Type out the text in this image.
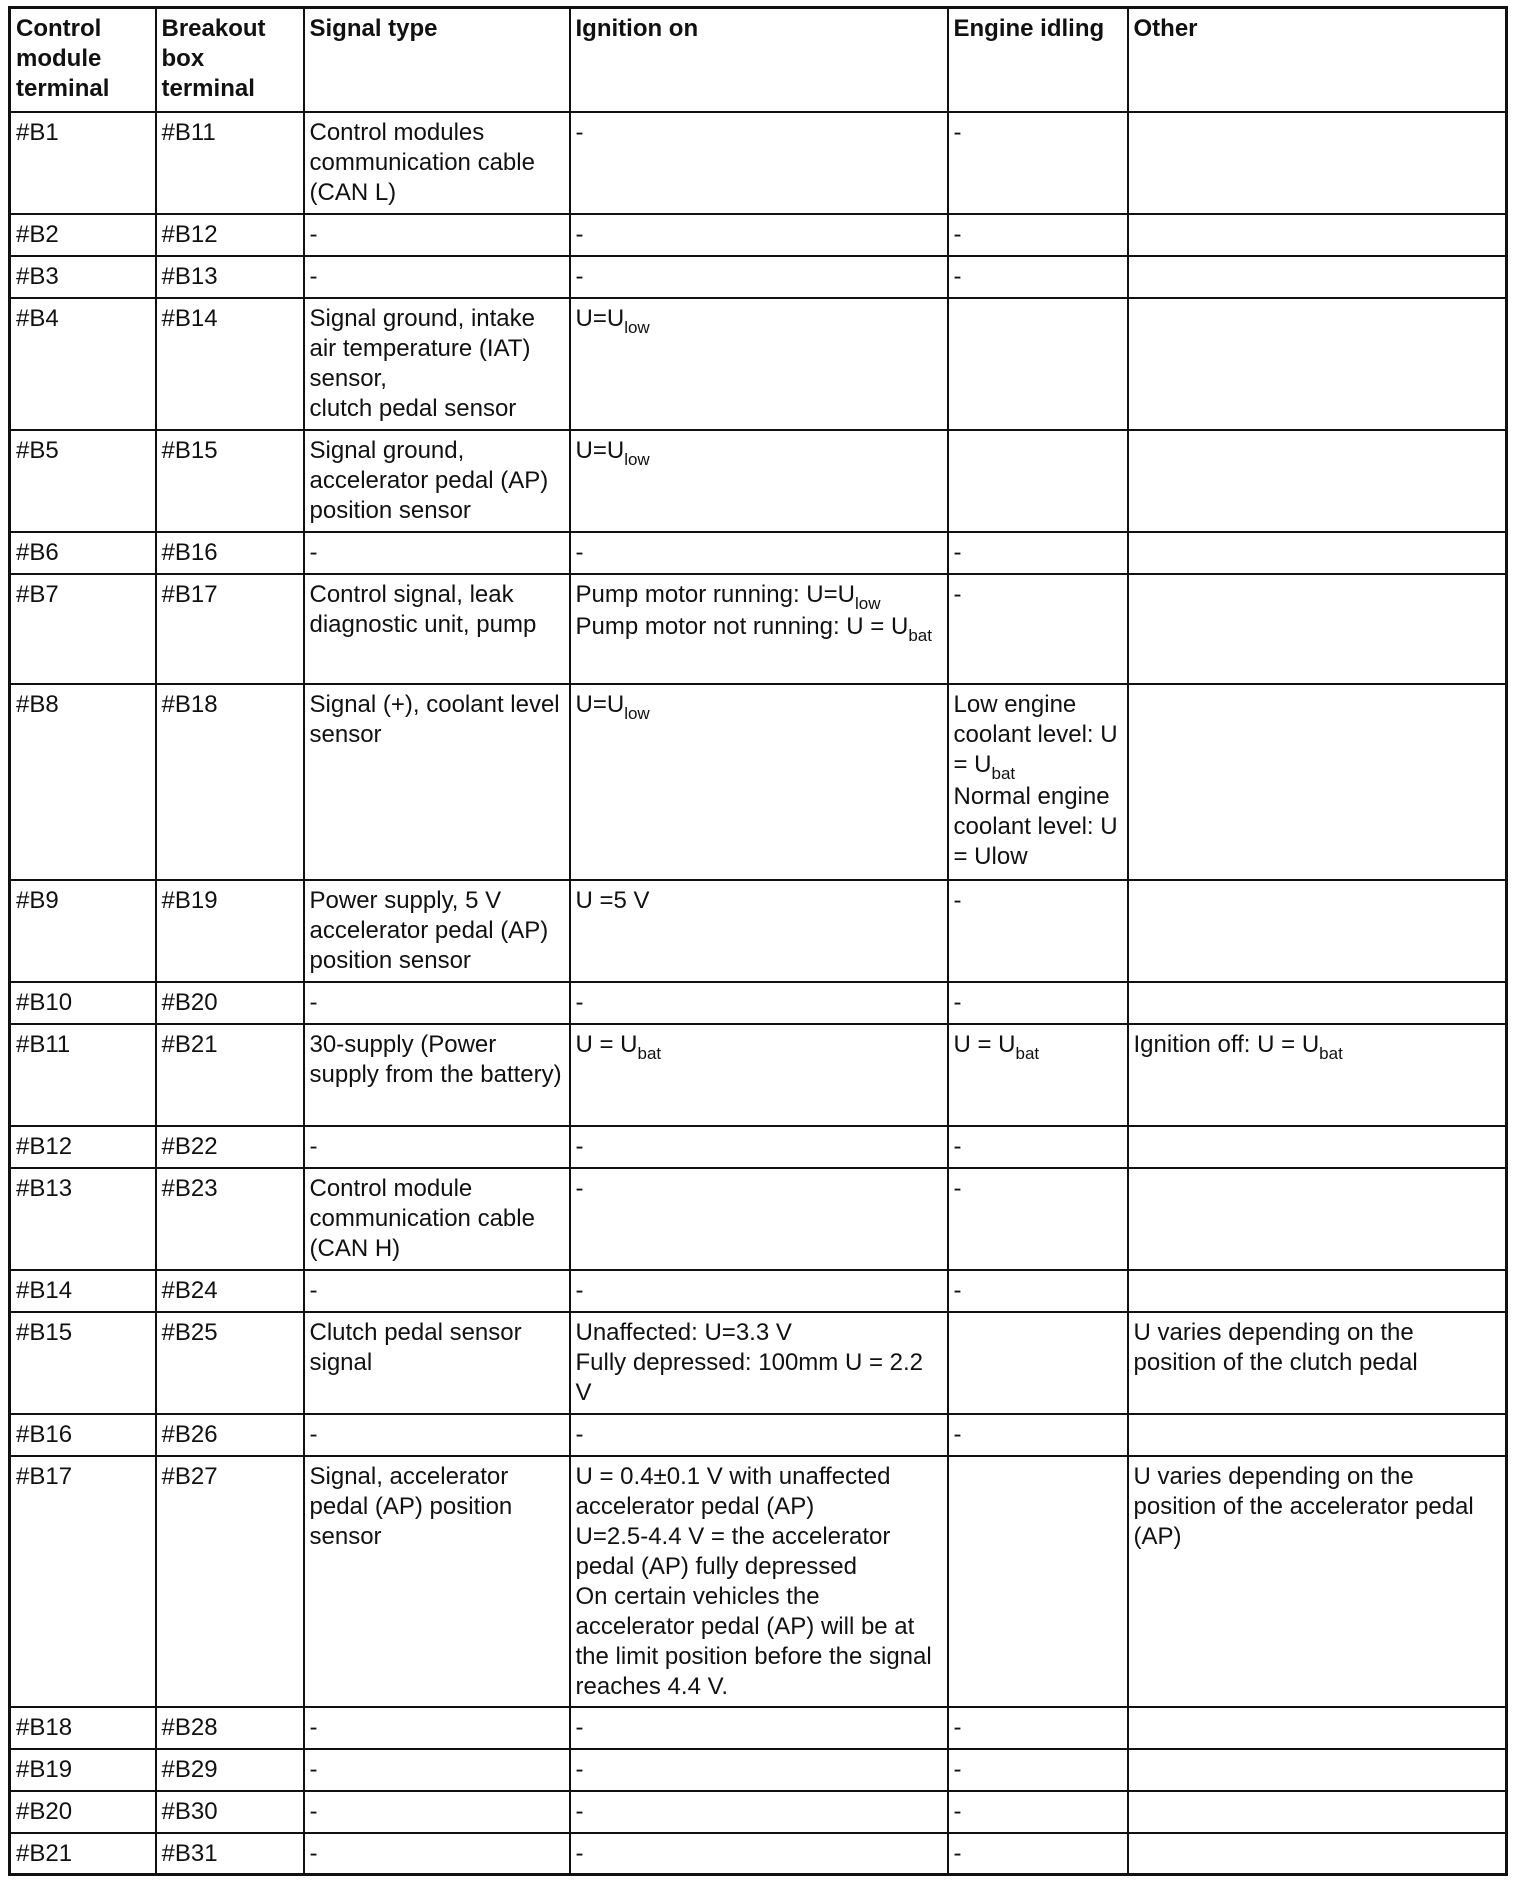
Control module terminal	Breakout box terminal	Signal type	Ignition on	Engine idling	Other
#B1	#B11	Control modules communication cable (CAN L)	-	-	

#B2	#B12	-	-	-	

#B3	#B13	-	-	-	

#B4	#B14	Signal ground, intake air temperature (IAT) sensor,
clutch pedal sensor	$U=U_{low}$

#B5	#B15	Signal ground, accelerator pedal (AP) position sensor	$U=U_{low}$

#B6	#B16	-	-	-	

#B7	#B17	Control signal, leak diagnostic unit, pump	Pump motor running: $U=U_{low}$
Pump motor not running: $U = U_{bat}$	-	

#B8	#B18	Signal (+), coolant level sensor	$U=U_{low}$	Low engine coolant level: $U = U_{bat}$
Normal engine coolant level: U = Ulow	

#B9	#B19	Power supply, 5 V accelerator pedal (AP) position sensor	U =5 V	-	

#B10	#B20	-	-	-	

#B11	#B21	30-supply (Power supply from the battery)	$U = U_{bat}$	$U = U_{bat}$	Ignition off: $U = U_{bat}$

#B12	#B22	-	-	-	

#B13	#B23	Control module communication cable (CAN H)	-	-	

#B14	#B24	-	-	-	

#B15	#B25	Clutch pedal sensor signal	Unaffected: U=3.3 V
Fully depressed: 100mm U = 2.2 V		U varies depending on the position of the clutch pedal

#B16	#B26	-	-	-	

#B17	#B27	Signal, accelerator pedal (AP) position sensor	U = 0.4±0.1 V with unaffected accelerator pedal (AP)
U=2.5-4.4 V = the accelerator pedal (AP) fully depressed
On certain vehicles the accelerator pedal (AP) will be at the limit position before the signal reaches 4.4 V.		U varies depending on the position of the accelerator pedal (AP)

#B18	#B28	-	-	-	

#B19	#B29	-	-	-	

#B20	#B30	-	-	-	

#B21	#B31	-	-	-	
